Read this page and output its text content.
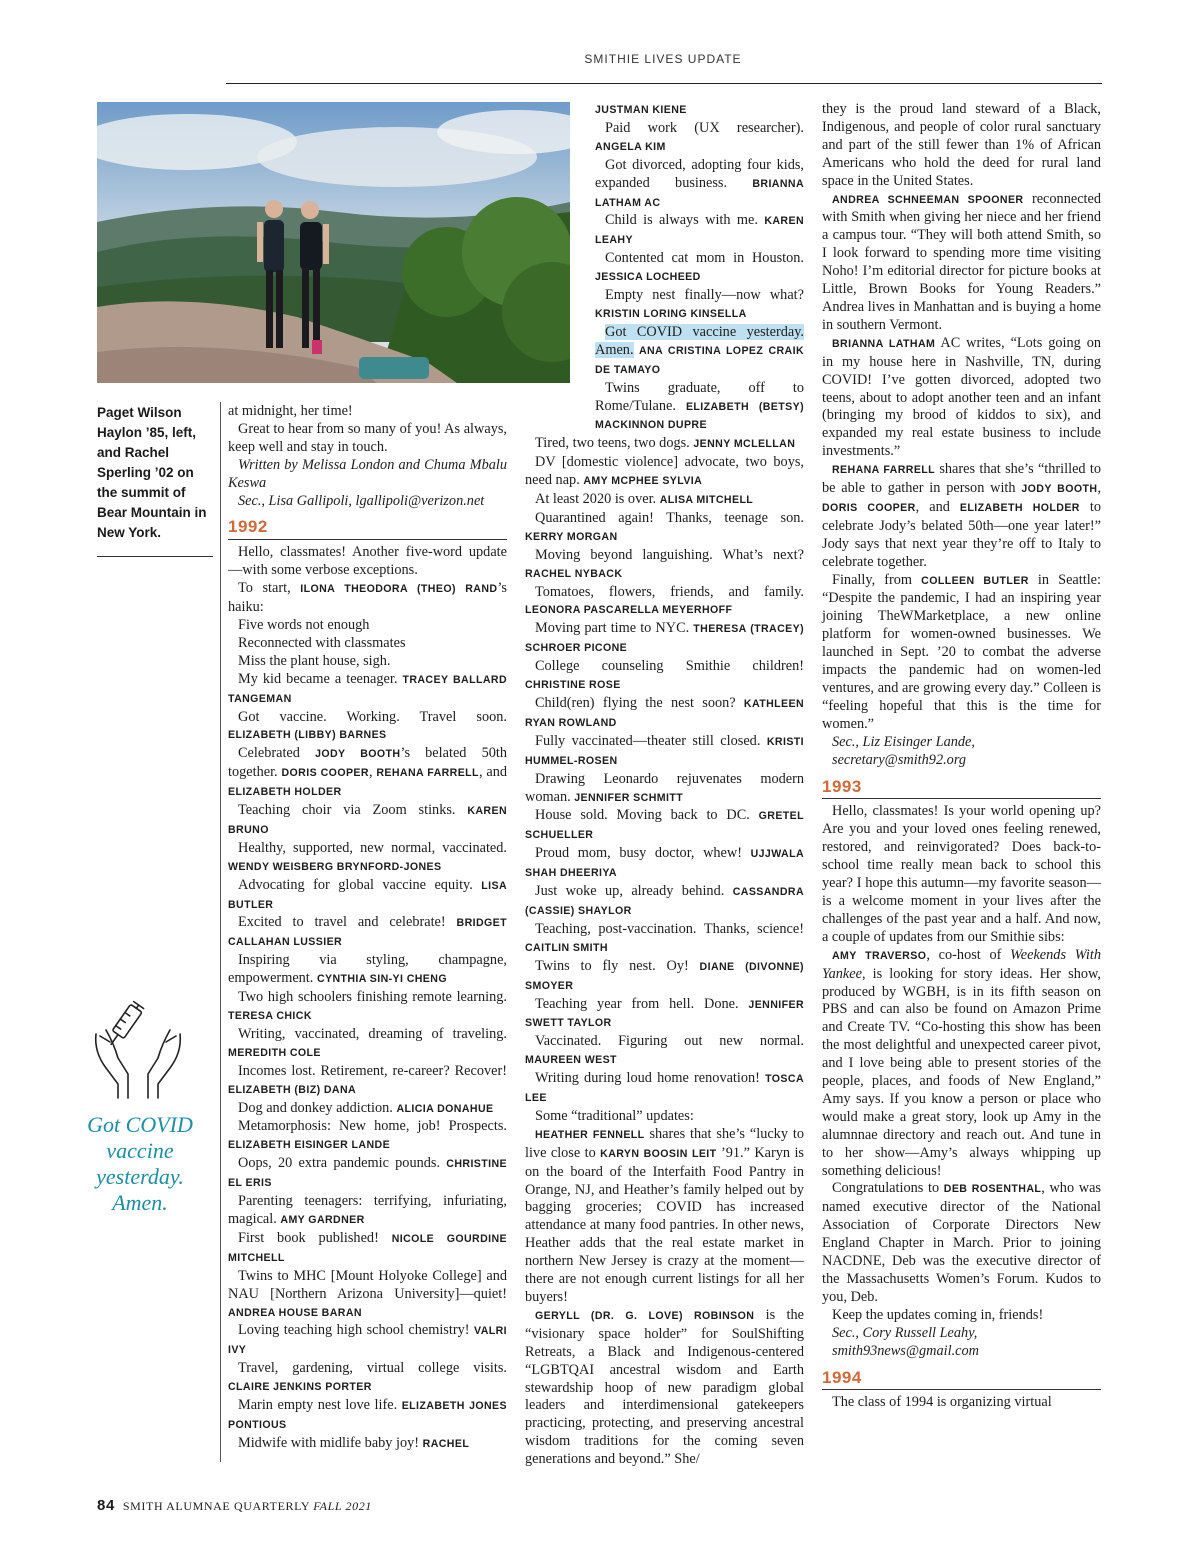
SMITHIE LIVES UPDATE
Paget Wilson Haylon ’85, left, and Rachel Sperling ’02 on the summit of Bear Mountain in New York.
Got COVID vaccine yesterday. Amen.

at midnight, her time!

Great to hear from so many of you! As always, keep well and stay in touch.

Written by Melissa London and Chuma Mbalu Keswa

Sec., Lisa Gallipoli, lgallipoli@verizon.net

1992

Hello, classmates! Another five-word update—with some verbose exceptions.

To start, ILONA THEODORA (THEO) RAND’s haiku:

Five words not enough

Reconnected with classmates

Miss the plant house, sigh.

My kid became a teenager. TRACEY BALLARD TANGEMAN

Got vaccine. Working. Travel soon. ELIZABETH (LIBBY) BARNES

Celebrated JODY BOOTH’s belated 50th together. DORIS COOPER, REHANA FARRELL, and ELIZABETH HOLDER

Teaching choir via Zoom stinks. KAREN BRUNO

Healthy, supported, new normal, vaccinated. WENDY WEISBERG BRYNFORD-JONES

Advocating for global vaccine equity. LISA BUTLER

Excited to travel and celebrate! BRIDGET CALLAHAN LUSSIER

Inspiring via styling, champagne, empowerment. CYNTHIA SIN-YI CHENG

Two high schoolers finishing remote learning. TERESA CHICK

Writing, vaccinated, dreaming of traveling. MEREDITH COLE

Incomes lost. Retirement, re-career? Recover! ELIZABETH (BIZ) DANA

Dog and donkey addiction. ALICIA DONAHUE

Metamorphosis: New home, job! Prospects. ELIZABETH EISINGER LANDE

Oops, 20 extra pandemic pounds. CHRISTINE EL ERIS

Parenting teenagers: terrifying, infuriating, magical. AMY GARDNER

First book published! NICOLE GOURDINE MITCHELL

Twins to MHC [Mount Holyoke College] and NAU [Northern Arizona University]—quiet! ANDREA HOUSE BARAN

Loving teaching high school chemistry! VALRI IVY

Travel, gardening, virtual college visits. CLAIRE JENKINS PORTER

Marin empty nest love life. ELIZABETH JONES PONTIOUS

Midwife with midlife baby joy! RACHEL

JUSTMAN KIENE

Paid work (UX researcher). ANGELA KIM

Got divorced, adopting four kids, expanded business. BRIANNA LATHAM AC

Child is always with me. KAREN LEAHY

Contented cat mom in Houston. JESSICA LOCHEED

Empty nest finally—now what? KRISTIN LORING KINSELLA

Got COVID vaccine yesterday. Amen. ANA CRISTINA LOPEZ CRAIK DE TAMAYO

Twins graduate, off to Rome/Tulane. ELIZABETH (BETSY) MACKINNON DUPRE

Tired, two teens, two dogs. JENNY MCLELLAN

DV [domestic violence] advocate, two boys, need nap. AMY MCPHEE SYLVIA

At least 2020 is over. ALISA MITCHELL

Quarantined again! Thanks, teenage son. KERRY MORGAN

Moving beyond languishing. What’s next? RACHEL NYBACK

Tomatoes, flowers, friends, and family. LEONORA PASCARELLA MEYERHOFF

Moving part time to NYC. THERESA (TRACEY) SCHROER PICONE

College counseling Smithie children! CHRISTINE ROSE

Child(ren) flying the nest soon? KATHLEEN RYAN ROWLAND

Fully vaccinated—theater still closed. KRISTI HUMMEL-ROSEN

Drawing Leonardo rejuvenates modern woman. JENNIFER SCHMITT

House sold. Moving back to DC. GRETEL SCHUELLER

Proud mom, busy doctor, whew! UJJWALA SHAH DHEERIYA

Just woke up, already behind. CASSANDRA (CASSIE) SHAYLOR

Teaching, post-vaccination. Thanks, science! CAITLIN SMITH

Twins to fly nest. Oy! DIANE (DIVONNE) SMOYER

Teaching year from hell. Done. JENNIFER SWETT TAYLOR

Vaccinated. Figuring out new normal. MAUREEN WEST

Writing during loud home renovation! TOSCA LEE

Some “traditional” updates:

HEATHER FENNELL shares that she’s “lucky to live close to KARYN BOOSIN LEIT ’91.” Karyn is on the board of the Interfaith Food Pantry in Orange, NJ, and Heather’s family helped out by bagging groceries; COVID has increased attendance at many food pantries. In other news, Heather adds that the real estate market in northern New Jersey is crazy at the moment—there are not enough current listings for all her buyers!

GERYLL (DR. G. LOVE) ROBINSON is the “visionary space holder” for SoulShifting Retreats, a Black and Indigenous-centered “LGBTQAI ancestral wisdom and Earth stewardship hoop of new paradigm global leaders and interdimensional gatekeepers practicing, protecting, and preserving ancestral wisdom traditions for the coming seven generations and beyond.” She/

they is the proud land steward of a Black, Indigenous, and people of color rural sanctuary and part of the still fewer than 1% of African Americans who hold the deed for rural land space in the United States.

ANDREA SCHNEEMAN SPOONER reconnected with Smith when giving her niece and her friend a campus tour. “They will both attend Smith, so I look forward to spending more time visiting Noho! I’m editorial director for picture books at Little, Brown Books for Young Readers.” Andrea lives in Manhattan and is buying a home in southern Vermont.

BRIANNA LATHAM AC writes, “Lots going on in my house here in Nashville, TN, during COVID! I’ve gotten divorced, adopted two teens, about to adopt another teen and an infant (bringing my brood of kiddos to six), and expanded my real estate business to include investments.”

REHANA FARRELL shares that she’s “thrilled to be able to gather in person with JODY BOOTH, DORIS COOPER, and ELIZABETH HOLDER to celebrate Jody’s belated 50th—one year later!” Jody says that next year they’re off to Italy to celebrate together.

Finally, from COLLEEN BUTLER in Seattle: “Despite the pandemic, I had an inspiring year joining TheWMarketplace, a new online platform for women-owned businesses. We launched in Sept. ’20 to combat the adverse impacts the pandemic had on women-led ventures, and are growing every day.” Colleen is “feeling hopeful that this is the time for women.”

Sec., Liz Eisinger Lande,

secretary@smith92.org

1993

Hello, classmates! Is your world opening up? Are you and your loved ones feeling renewed, restored, and reinvigorated? Does back-to-school time really mean back to school this year? I hope this autumn—my favorite season—is a welcome moment in your lives after the challenges of the past year and a half. And now, a couple of updates from our Smithie sibs:

AMY TRAVERSO, co-host of Weekends With Yankee, is looking for story ideas. Her show, produced by WGBH, is in its fifth season on PBS and can also be found on Amazon Prime and Create TV. “Co-hosting this show has been the most delightful and unexpected career pivot, and I love being able to present stories of the people, places, and foods of New England,” Amy says. If you know a person or place who would make a great story, look up Amy in the alumnnae directory and reach out. And tune in to her show—Amy’s always whipping up something delicious!

Congratulations to DEB ROSENTHAL, who was named executive director of the National Association of Corporate Directors New England Chapter in March. Prior to joining NACDNE, Deb was the executive director of the Massachusetts Women’s Forum. Kudos to you, Deb.

Keep the updates coming in, friends!

Sec., Cory Russell Leahy,

smith93news@gmail.com

1994

The class of 1994 is organizing virtual

84 SMITH ALUMNAE QUARTERLY FALL 2021
